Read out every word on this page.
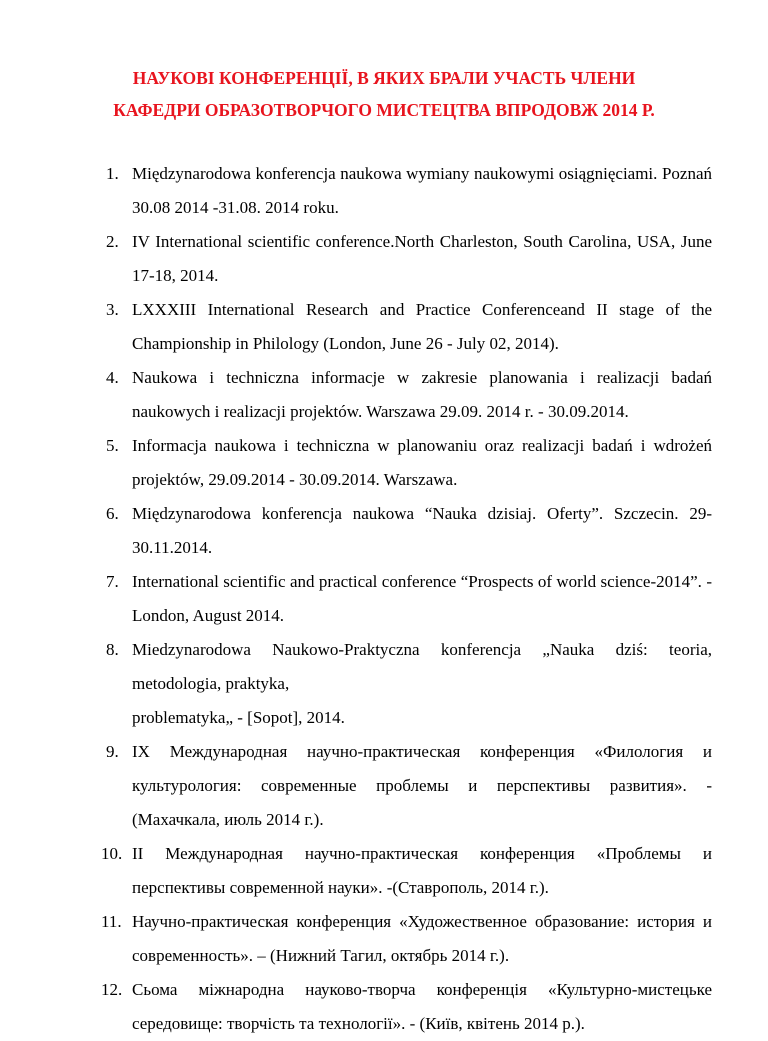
НАУКОВІ КОНФЕРЕНЦІЇ, В ЯКИХ БРАЛИ УЧАСТЬ ЧЛЕНИ
КАФЕДРИ ОБРАЗОТВОРЧОГО МИСТЕЦТВА ВПРОДОВЖ 2014 Р.
1. Międzynarodowa konferencja naukowa wymiany naukowymi osiągnięciami. Poznań 30.08 2014 -31.08. 2014 roku.
2. IV International scientific conference.North Charleston, South Carolina, USA, June 17-18, 2014.
3. LXXXIII International Research and Practice Conferenceand II stage of the Championship in Philology (London, June 26 - July 02, 2014).
4. Naukowa i techniczna informacje w zakresie planowania i realizacji badań naukowych i realizacji projektów. Warszawa 29.09. 2014 r. - 30.09.2014.
5. Informacja naukowa i techniczna w planowaniu oraz realizacji badań i wdrożeń projektów, 29.09.2014 - 30.09.2014. Warszawa.
6. Międzynarodowa konferencja naukowa “Nauka dzisiaj. Oferty”. Szczecin. 29-30.11.2014.
7. International scientific and practical conference “Prospects of world science-2014”. - London, August 2014.
8. Miedzynarodowa Naukowo-Praktyczna konferencja „Nauka dziś: teoria, metodologia, praktyka,
problematyka„ - [Sopot], 2014.
9. IX Международная научно-практическая конференция «Филология и культурология: современные проблемы и перспективы развития». - (Махачкала, июль 2014 г.).
10. II Международная научно-практическая конференция «Проблемы и перспективы современной науки». -(Ставрополь, 2014 г.).
11. Научно-практическая конференция «Художественное образование: история и современность». – (Нижний Тагил, октябрь 2014 г.).
12. Сьома міжнародна науково-творча конференція «Культурно-мистецьке середовище: творчість та технології». - (Київ, квітень 2014 р.).
